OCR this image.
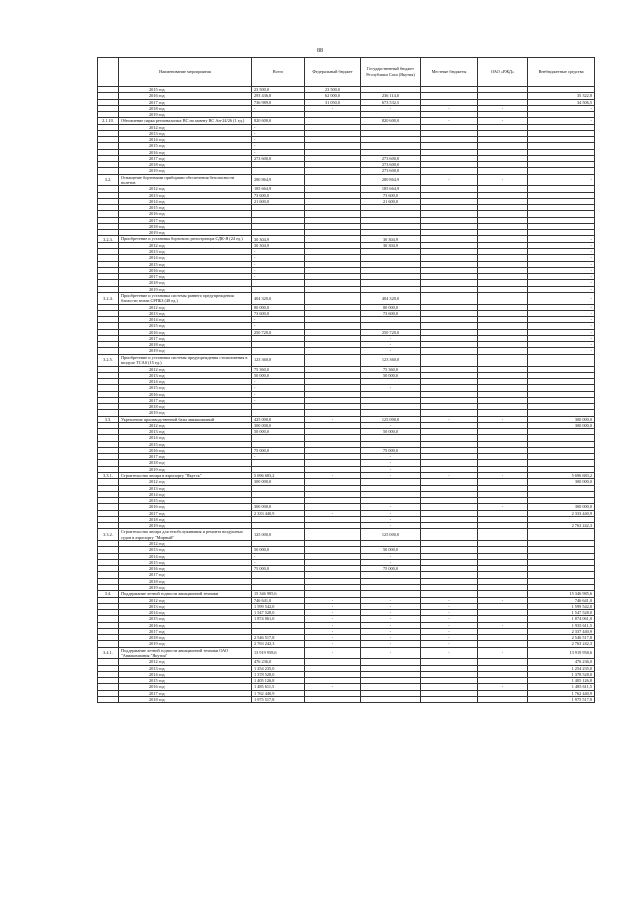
88
	Наименование мероприятия	Всего	Федеральный бюджет	Государственный бюджет Республики Саха (Якутия)	Местные бюджеты	ОАО «РЖД»	Внебюджетные средства
	2015 год	23 500,0	23 500,0				
	2016 год	293 436,8	62 000,0	236 114,0			35 322,8
	2017 год	736 989,0	31 050,0	673 532,5			34 506,5
	2018 год	-	-	-	-	-	-
	2019 год						
2.1.10.	Обновление парка региональных ВС на замену ВС Ан-24/26 (1 ед.)	820 600,0		820 600,0	-	-	-
	2012 год	-					
	2013 год	-					
	2014 год	-					
	2015 год	-					
	2016 год	-					
	2017 год	273 600,0		273 600,0			
	2018 год			273 600,0			
	2019 год			273 600,0			
3.2.	Оснащение бортовыми приборами обеспечения безопасности полетов	280 864,9		280 864,9	-	-	-
	2012 год	185 664,9		185 664,9			
	2013 год	73 600,0		73 600,0			
	2014 год	21 600,0		21 600,0			
	2015 год						
	2016 год						
	2017 год						
	2018 год						
	2019 год						
3.2.3.	Приобретение и установка бортового регистратора СДК-Я (24 ед.)	30 304,9		30 304,9			-
	2012 год	30 304,9		30 304,9			-
	2013 год	-					-
	2014 год	-					-
	2015 год	-					-
	2016 год	-					-
	2017 год	-					-
	2018 год						-
	2019 год						-
3.2.4.	Приобретение и установка системы раннего предупреждения близости земли СРПБЗ (48 ед.)	404 320,0		404 320,0			-
	2012 год	80 000,0		80 000,0			-
	2013 год	73 600,0		73 600,0			-
	2014 год	-					-
	2015 год	-					-
	2016 год	250 720,0		250 720,0			-
	2017 год			-			-
	2018 год			-			-
	2019 год			-			-
3.2.5.	Приобретение и установка системы предупреждения столкновения в воздухе TCAS (15 ед.)	123 360,0		123 360,0			
	2012 год	75 360,0		75 360,0			
	2013 год	50 000,0		50 000,0			
	2014 год	-					
	2015 год	-		-			
	2016 год	-					
	2017 год	-					
	2018 год						
	2019 год						
3.3.	Укрепление производственной базы авиакомпаний	425 000,0	-	125 000,0	-	-	300 000,0
	2012 год	300 000,0		-			300 000,0
	2013 год	50 000,0		50 000,0			
	2014 год						
	2015 год						
	2016 год	75 000,0		75 000,0			
	2017 год	-		-			
	2018 год			-			
	2019 год			-			
3.3.1.	Строительство ангара в аэропорту "Якутск"	5 696 683,2	-	-	-	-	5 696 683,2
	2012 год	300 000,0					300 000,0
	2013 год						
	2014 год						
	2015 год						
	2016 год	300 000,0		-		-	300 000,0
	2017 год	2 333 440,9	-	-			2 333 440,9
	2018 год			-			
	2019 год			-			2 763 242,3
3.3.2.	Строительство ангара для техобслуживания и ремонта воздушных судов в аэропорту "Мирный"	125 000,0		125 000,0			
	2012 год						
	2013 год	50 000,0		50 000,0			
	2014 год	-		-			
	2015 год	-		-			
	2016 год	75 000,0		75 000,0			
	2017 год						
	2018 год						
	2019 год						
3.4.	Поддержание летной годности авиационной техники	15 346 985,6					15 346 985,6
	2012 год	746 641,0	-	-	-	-	746 641,0
	2013 год	1 599 542,0	-	-	-		1 599 542,0
	2014 год	1 547 528,0	-	-	-		1 547 528,0
	2015 год	1 874 061,0	-	-	-		1 874 061,0
	2016 год		-	-	-	-	1 935 611,5
	2017 год		-	-	-		2 337 440,9
	2018 год	2 546 517,8	-	-	-		2 546 517,8
	2019 год	2 763 242,3	-	-	-		2 763 242,3
3.4.1.	Поддержание летной годности авиационной техники ОАО "Авиакомпания "Якутия"	13 919 958,6	-	-	-	-	13 919 958,6
	2012 год	476 236,0					476 236,0
	2013 год	1 254 235,0					1 254 235,0
	2014 год	1 378 528,0					1 378 528,0
	2015 год	1 405 126,8					1 405 126,8
	2016 год	1 485 611,5	-			-	1 485 611,5
	2017 год	1 762 440,9					1 762 440,9
	2018 год	1 975 517,8					1 975 517,8
